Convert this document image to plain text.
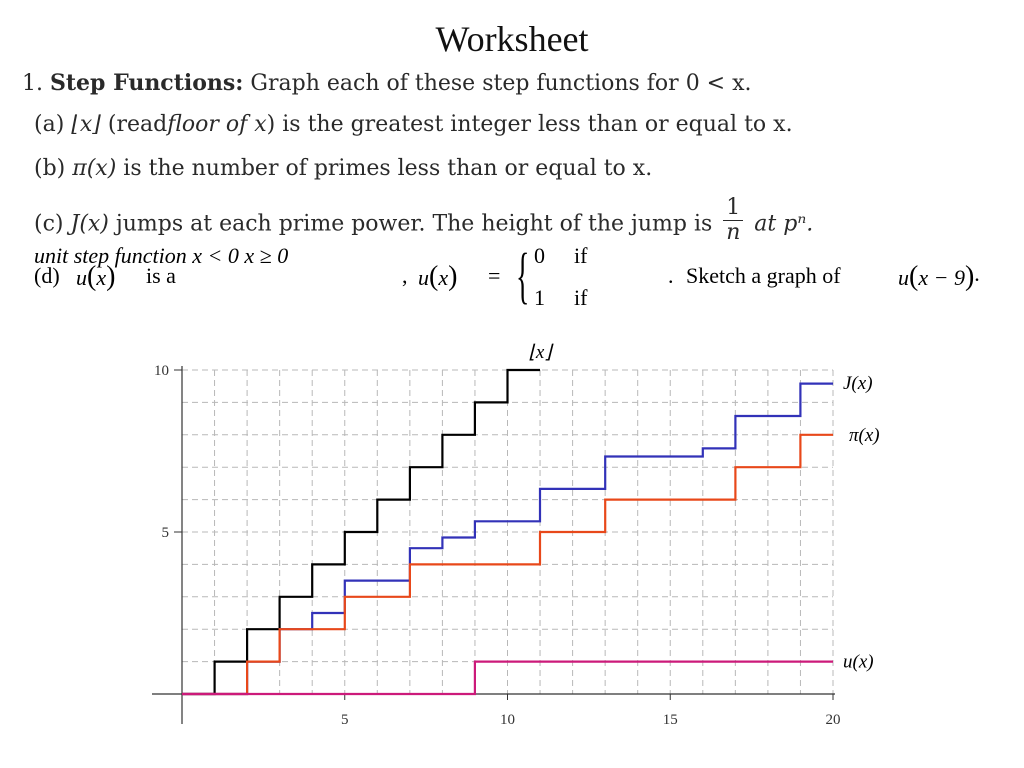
Worksheet
1. Step Functions: Graph each of these step functions for 0 < x.
(a) ⌊x⌋ (readfloor of x) is the greatest integer less than or equal to x.
(b) π(x) is the number of primes less than or equal to x.
(c) J(x) jumps at each prime power. The height of the jump is $\frac{1}{n}$ at pⁿ.
(d) u(x) is a
unit step function
, u(x) = { 0 if
x < 0
1 if
x ≥ 0
. Sketch a graph of	u(x − 9) .
5	10	15	20
5
10
⌊x⌋
J(x)
π(x)
u(x)
